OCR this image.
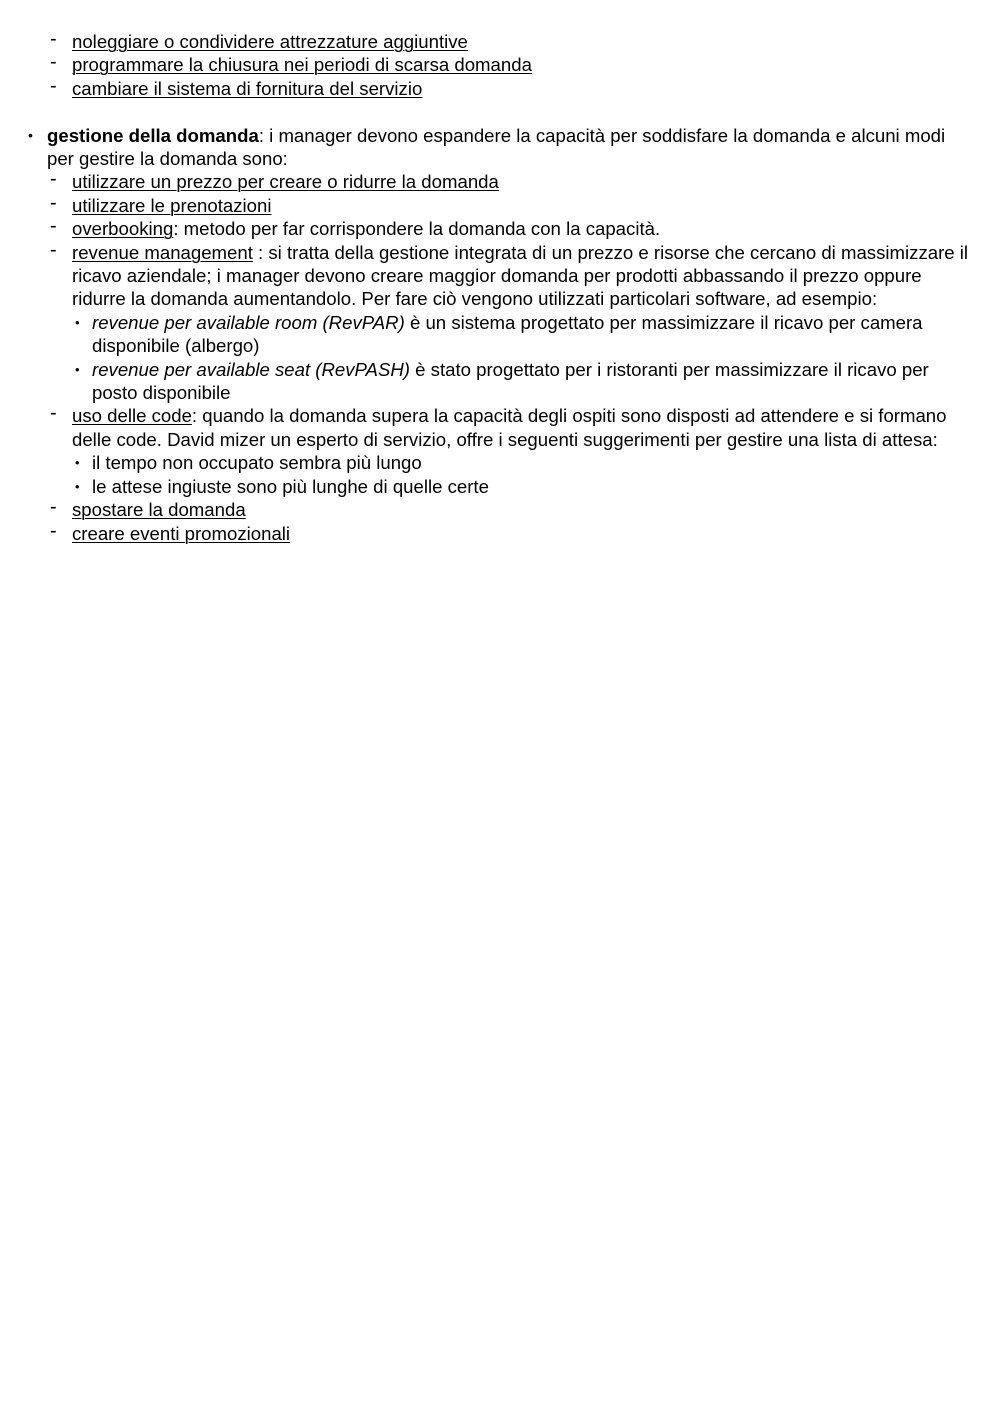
- noleggiare o condividere attrezzature aggiuntive
- programmare la chiusura nei periodi di scarsa domanda
- cambiare il sistema di fornitura del servizio
• gestione della domanda: i manager devono espandere la capacità per soddisfare la domanda e alcuni modi per gestire la domanda sono:
- utilizzare un prezzo per creare o ridurre la domanda
- utilizzare le prenotazioni
- overbooking: metodo per far corrispondere la domanda con la capacità.
- revenue management : si tratta della gestione integrata di un prezzo e risorse che cercano di massimizzare il ricavo aziendale; i manager devono creare maggior domanda per prodotti abbassando il prezzo oppure ridurre la domanda aumentandolo. Per fare ciò vengono utilizzati particolari software, ad esempio:
• revenue per available room (RevPAR) è un sistema progettato per massimizzare il ricavo per camera disponibile (albergo)
• revenue per available seat (RevPASH) è stato progettato per i ristoranti per massimizzare il ricavo per posto disponibile
- uso delle code: quando la domanda supera la capacità degli ospiti sono disposti ad attendere e si formano delle code. David mizer un esperto di servizio, offre i seguenti suggerimenti per gestire una lista di attesa:
• il tempo non occupato sembra più lungo
• le attese ingiuste sono più lunghe di quelle certe
- spostare la domanda
- creare eventi promozionali
